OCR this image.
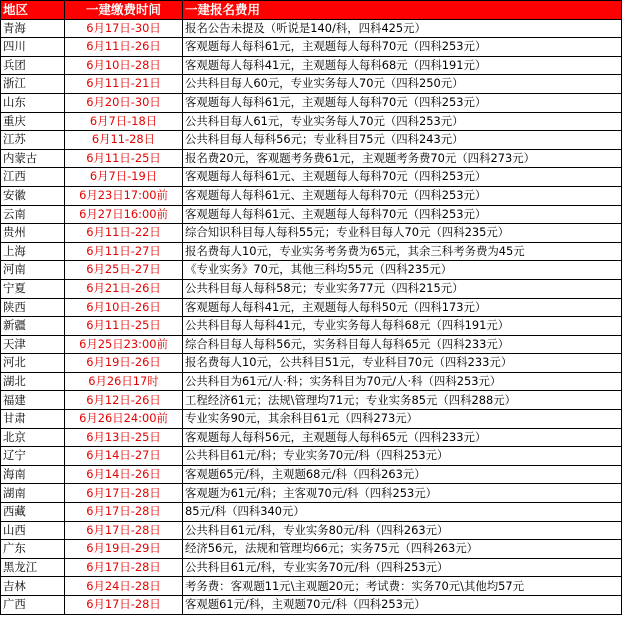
地区	一建缴费时间	一建报名费用
青海	6月17日-30日	报名公告未提及（听说是140/科，四科425元）
四川	6月11日-26日	客观题每人每科61元，主观题每人每科70元（四科253元）
兵团	6月10日-28日	客观题每人每科41元，主观题每人每科68元（四科191元）
浙江	6月11日-21日	公共科目每人60元，专业实务每人70元（四科250元）
山东	6月20日-30日	客观题每人每科61元，主观题每人每科70元（四科253元）
重庆	6月7日-18日	公共科目每人61元，专业实务每人70元（四科253元）
江苏	6月11-28日	公共科目每人每科56元；专业科目75元（四科243元）
内蒙古	6月11日-25日	报名费20元，客观题考务费61元，主观题考务费70元（四科273元）
江西	6月7日-19日	客观题每人每科61元、主观题每人每科70元（四科253元）
安徽	6月23日17:00前	客观题每人每科61元、主观题每人每科70元（四科253元）
云南	6月27日16:00前	客观题每人每科61元、主观题每人每科70元（四科253元）
贵州	6月11日-22日	综合知识科目每人每科55元；专业科目每人70元（四科235元）
上海	6月11日-27日	报名费每人10元，专业实务考务费为65元，其余三科考务费为45元
河南	6月25日-27日	《专业实务》70元，其他三科均55元（四科235元）
宁夏	6月21日-26日	公共科目每人每科58元；专业实务77元（四科215元）
陕西	6月10日-26日	客观题每人每科41元，主观题每人每科50元（四科173元）
新疆	6月11日-25日	公共科目每人每科41元，专业实务每人每科68元（四科191元）
天津	6月25日23:00前	综合科目每人每科56元，实务科目每人每科65元（四科233元）
河北	6月19日-26日	报名费每人10元，公共科目51元，专业科目70元（四科233元）
湖北	6月26日17时	公共科目为61元/人·科；实务科目为70元/人·科（四科253元）
福建	6月12日-26日	工程经济61元；法规\管理均71元；专业实务85元（四科288元）
甘肃	6月26日24:00前	专业实务90元，其余科目61元（四科273元）
北京	6月13日-25日	客观题每人每科56元，主观题每人每科65元（四科233元）
辽宁	6月14日-27日	公共科目61元/科；专业实务70元/科（四科253元）
海南	6月14日-26日	客观题65元/科，主观题68元/科（四科263元）
湖南	6月17日-28日	客观题为61元/科；主客观70元/科（四科253元）
西藏	6月17日-28日	85元/科（四科340元）
山西	6月17日-28日	公共科目61元/科，专业实务80元/科（四科263元）
广东	6月19日-29日	经济56元，法规和管理均66元；实务75元（四科263元）
黑龙江	6月17日-28日	公共科目61元/科，专业实务70元/科（四科253元）
吉林	6月24日-28日	考务费：客观题11元\主观题20元；考试费：实务70元\其他均57元
广西	6月17日-28日	客观题61元/科，主观题70元/科（四科253元）
